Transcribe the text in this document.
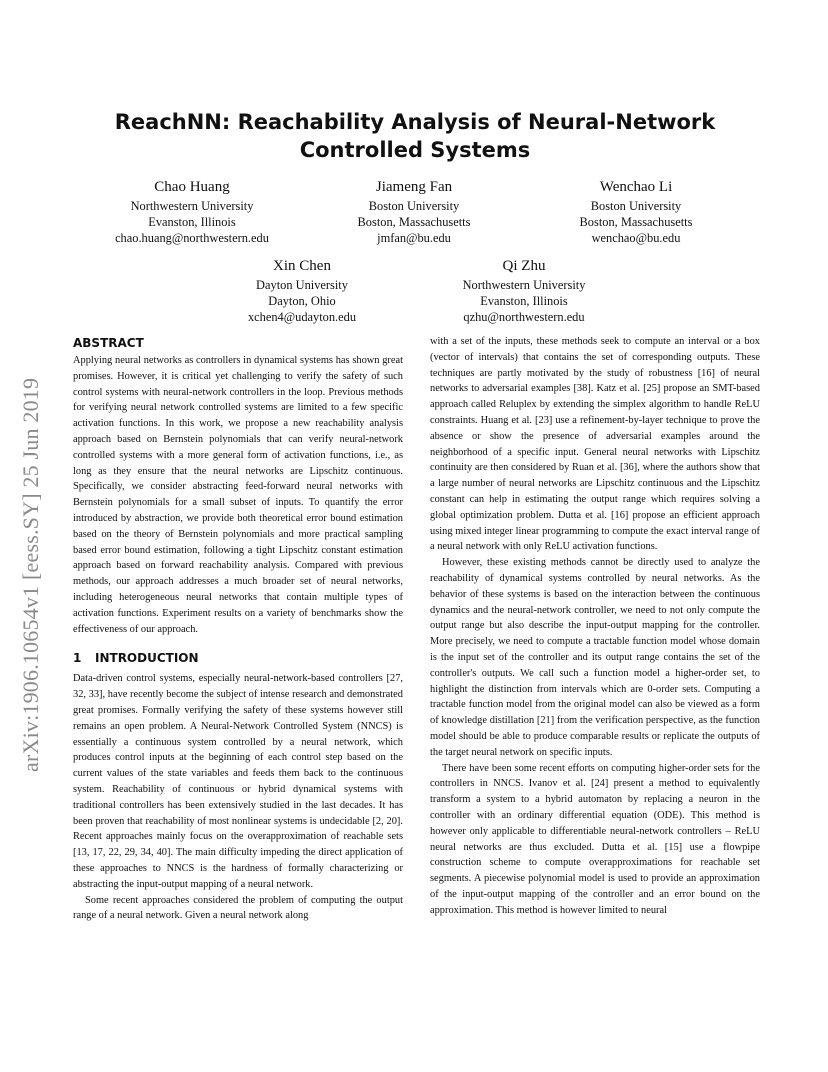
ReachNN: Reachability Analysis of Neural-Network
Controlled Systems
Chao Huang
Northwestern University
Evanston, Illinois
chao.huang@northwestern.edu
Jiameng Fan
Boston University
Boston, Massachusetts
jmfan@bu.edu
Wenchao Li
Boston University
Boston, Massachusetts
wenchao@bu.edu
Xin Chen
Dayton University
Dayton, Ohio
xchen4@udayton.edu
Qi Zhu
Northwestern University
Evanston, Illinois
qzhu@northwestern.edu
arXiv:1906.10654v1 [eess.SY] 25 Jun 2019
ABSTRACT

Applying neural networks as controllers in dynamical systems has shown great promises. However, it is critical yet challenging to verify the safety of such control systems with neural-network controllers in the loop. Previous methods for verifying neural network controlled systems are limited to a few specific activation functions. In this work, we propose a new reachability analysis approach based on Bernstein polynomials that can verify neural-network controlled systems with a more general form of activation functions, i.e., as long as they ensure that the neural networks are Lipschitz continuous. Specifically, we consider abstracting feed-forward neural networks with Bernstein polynomials for a small subset of inputs. To quantify the error introduced by abstraction, we provide both theoretical error bound estimation based on the theory of Bernstein polynomials and more practical sampling based error bound estimation, following a tight Lipschitz constant estimation approach based on forward reachability analysis. Compared with previous methods, our approach addresses a much broader set of neural networks, including heterogeneous neural networks that contain multiple types of activation functions. Experiment results on a variety of benchmarks show the effectiveness of our approach.

1 INTRODUCTION

Data-driven control systems, especially neural-network-based controllers [27, 32, 33], have recently become the subject of intense research and demonstrated great promises. Formally verifying the safety of these systems however still remains an open problem. A Neural-Network Controlled System (NNCS) is essentially a continuous system controlled by a neural network, which produces control inputs at the beginning of each control step based on the current values of the state variables and feeds them back to the continuous system. Reachability of continuous or hybrid dynamical systems with traditional controllers has been extensively studied in the last decades. It has been proven that reachability of most nonlinear systems is undecidable [2, 20]. Recent approaches mainly focus on the overapproximation of reachable sets [13, 17, 22, 29, 34, 40]. The main difficulty impeding the direct application of these approaches to NNCS is the hardness of formally characterizing or abstracting the input-output mapping of a neural network.

Some recent approaches considered the problem of computing the output range of a neural network. Given a neural network along

with a set of the inputs, these methods seek to compute an interval or a box (vector of intervals) that contains the set of corresponding outputs. These techniques are partly motivated by the study of robustness [16] of neural networks to adversarial examples [38]. Katz et al. [25] propose an SMT-based approach called Reluplex by extending the simplex algorithm to handle ReLU constraints. Huang et al. [23] use a refinement-by-layer technique to prove the absence or show the presence of adversarial examples around the neighborhood of a specific input. General neural networks with Lipschitz continuity are then considered by Ruan et al. [36], where the authors show that a large number of neural networks are Lipschitz continuous and the Lipschitz constant can help in estimating the output range which requires solving a global optimization problem. Dutta et al. [16] propose an efficient approach using mixed integer linear programming to compute the exact interval range of a neural network with only ReLU activation functions.

However, these existing methods cannot be directly used to analyze the reachability of dynamical systems controlled by neural networks. As the behavior of these systems is based on the interaction between the continuous dynamics and the neural-network controller, we need to not only compute the output range but also describe the input-output mapping for the controller. More precisely, we need to compute a tractable function model whose domain is the input set of the controller and its output range contains the set of the controller's outputs. We call such a function model a higher-order set, to highlight the distinction from intervals which are 0-order sets. Computing a tractable function model from the original model can also be viewed as a form of knowledge distillation [21] from the verification perspective, as the function model should be able to produce comparable results or replicate the outputs of the target neural network on specific inputs.

There have been some recent efforts on computing higher-order sets for the controllers in NNCS. Ivanov et al. [24] present a method to equivalently transform a system to a hybrid automaton by replacing a neuron in the controller with an ordinary differential equation (ODE). This method is however only applicable to differentiable neural-network controllers – ReLU neural networks are thus excluded. Dutta et al. [15] use a flowpipe construction scheme to compute overapproximations for reachable set segments. A piecewise polynomial model is used to provide an approximation of the input-output mapping of the controller and an error bound on the approximation. This method is however limited to neural
